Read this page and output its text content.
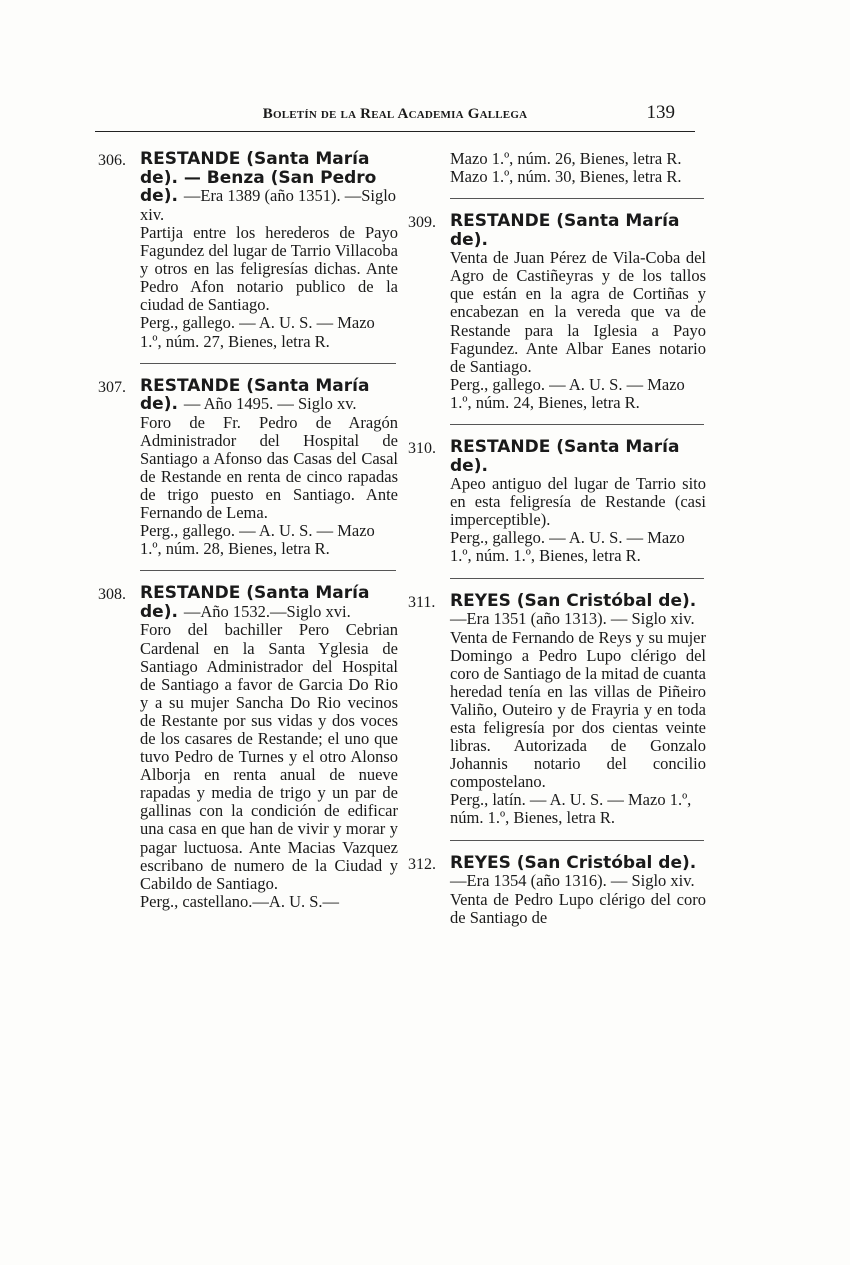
Boletín de la Real Academia Gallega	139
306. RESTANDE (Santa María de). — Benza (San Pedro de). —Era 1389 (año 1351). —Siglo xiv.

Partija entre los herederos de Payo Fagundez del lugar de Tarrio Villacoba y otros en las feligresías dichas. Ante Pedro Afon notario publico de la ciudad de Santiago.

Perg., gallego. — A. U. S. — Mazo 1.º, núm. 27, Bienes, letra R.

307. RESTANDE (Santa María de). — Año 1495. — Siglo xv.

Foro de Fr. Pedro de Aragón Administrador del Hospital de Santiago a Afonso das Casas del Casal de Restande en renta de cinco rapadas de trigo puesto en Santiago. Ante Fernando de Lema.

Perg., gallego. — A. U. S. — Mazo 1.º, núm. 28, Bienes, letra R.

308. RESTANDE (Santa María de). —Año 1532.—Siglo xvi.

Foro del bachiller Pero Cebrian Cardenal en la Santa Yglesia de Santiago Administrador del Hospital de Santiago a favor de Garcia Do Rio y a su mujer Sancha Do Rio vecinos de Restante por sus vidas y dos voces de los casares de Restande; el uno que tuvo Pedro de Turnes y el otro Alonso Alborja en renta anual de nueve rapadas y media de trigo y un par de gallinas con la condición de edificar una casa en que han de vivir y morar y pagar luctuosa. Ante Macias Vazquez escribano de numero de la Ciudad y Cabildo de Santiago.

Perg., castellano.—A. U. S.—

Mazo 1.º, núm. 26, Bienes, letra R. Mazo 1.º, núm. 30, Bienes, letra R.
309. RESTANDE (Santa María de).

Venta de Juan Pérez de Vila-Coba del Agro de Castiñeyras y de los tallos que están en la agra de Cortiñas y encabezan en la vereda que va de Restande para la Iglesia a Payo Fagundez. Ante Albar Eanes notario de Santiago.

Perg., gallego. — A. U. S. — Mazo 1.º, núm. 24, Bienes, letra R.

310. RESTANDE (Santa María de).

Apeo antiguo del lugar de Tarrio sito en esta feligresía de Restande (casi imperceptible).

Perg., gallego. — A. U. S. — Mazo 1.º, núm. 1.º, Bienes, letra R.

311. REYES (San Cristóbal de). —Era 1351 (año 1313). — Siglo xiv.

Venta de Fernando de Reys y su mujer Domingo a Pedro Lupo clérigo del coro de Santiago de la mitad de cuanta heredad tenía en las villas de Piñeiro Valiño, Outeiro y de Frayria y en toda esta feligresía por dos cientas veinte libras. Autorizada de Gonzalo Johannis notario del concilio compostelano.

Perg., latín. — A. U. S. — Mazo 1.º, núm. 1.º, Bienes, letra R.

312. REYES (San Cristóbal de). —Era 1354 (año 1316). — Siglo xiv.

Venta de Pedro Lupo clérigo del coro de Santiago de
